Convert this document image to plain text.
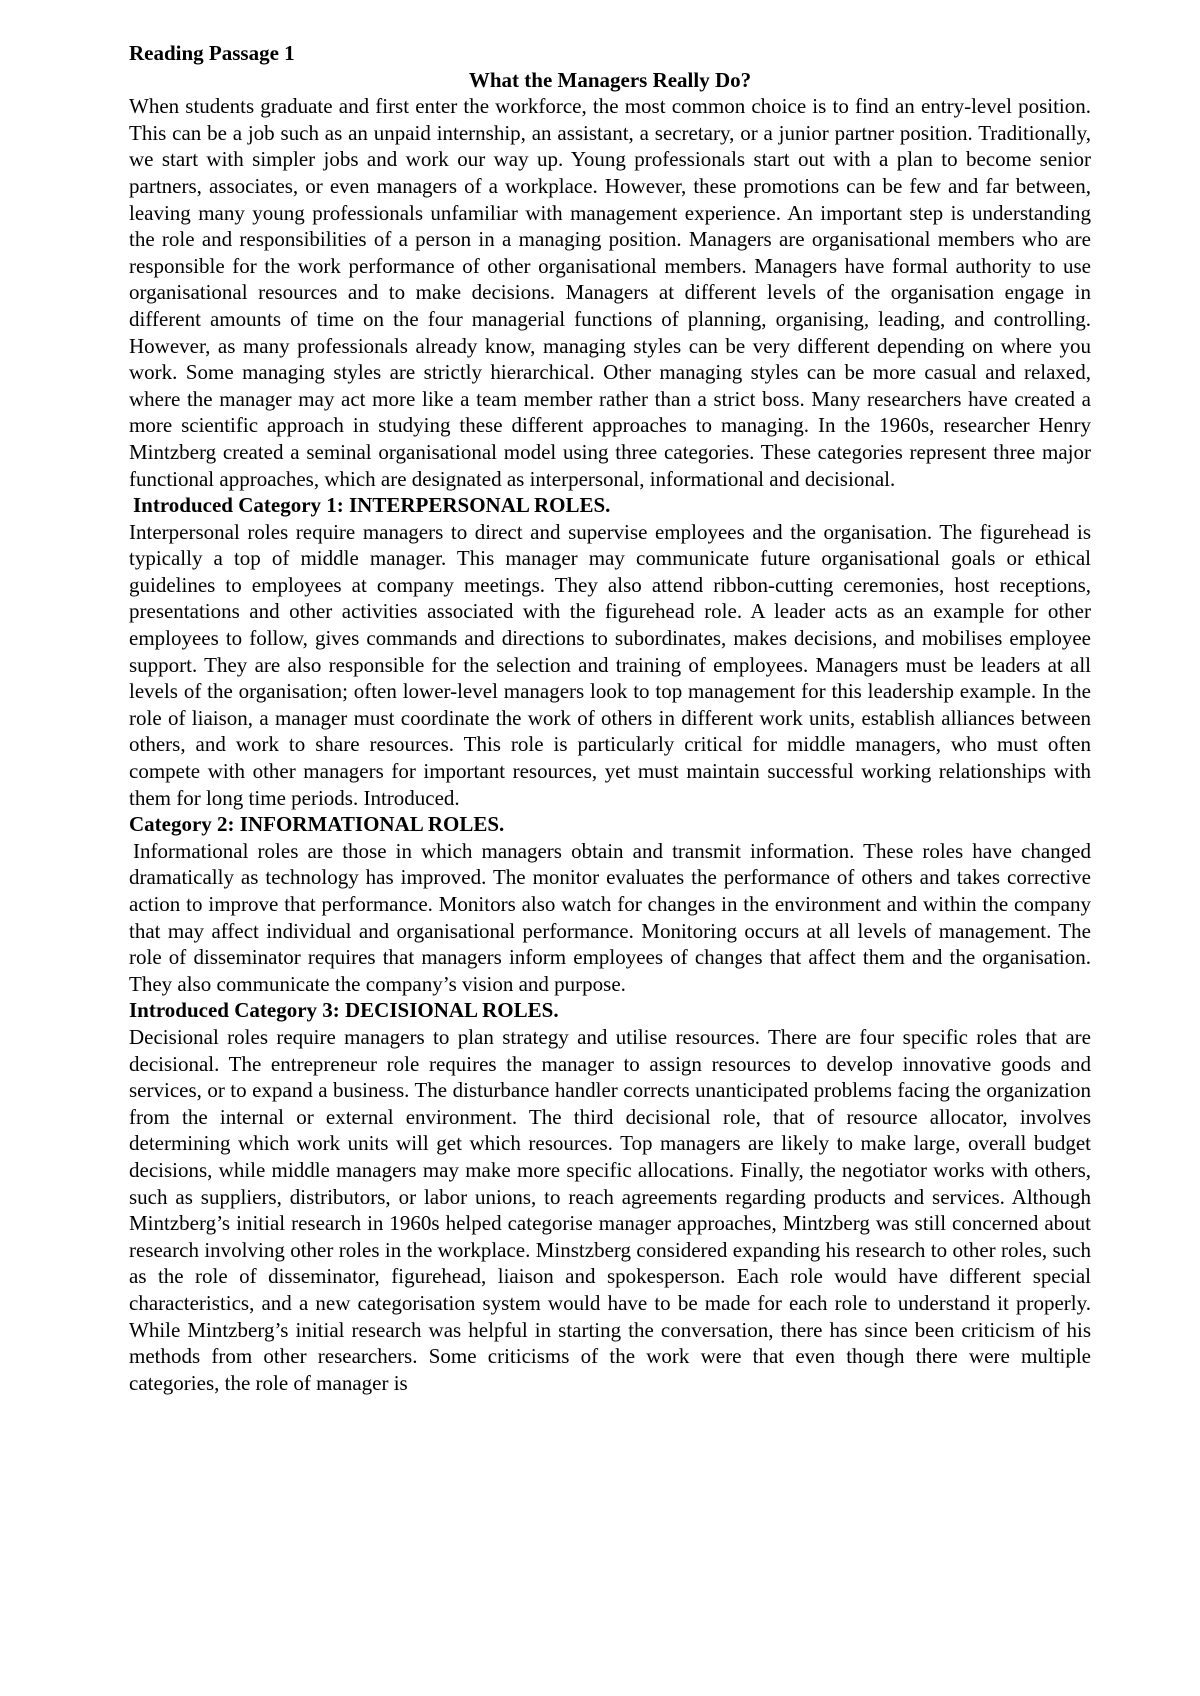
Reading Passage 1

What the Managers Really Do?

When students graduate and first enter the workforce, the most common choice is to find an entry-level position. This can be a job such as an unpaid internship, an assistant, a secretary, or a junior partner position. Traditionally, we start with simpler jobs and work our way up. Young professionals start out with a plan to become senior partners, associates, or even managers of a workplace. However, these promotions can be few and far between, leaving many young professionals unfamiliar with management experience. An important step is understanding the role and responsibilities of a person in a managing position. Managers are organisational members who are responsible for the work performance of other organisational members. Managers have formal authority to use organisational resources and to make decisions. Managers at different levels of the organisation engage in different amounts of time on the four managerial functions of planning, organising, leading, and controlling. However, as many professionals already know, managing styles can be very different depending on where you work. Some managing styles are strictly hierarchical. Other managing styles can be more casual and relaxed, where the manager may act more like a team member rather than a strict boss. Many researchers have created a more scientific approach in studying these different approaches to managing. In the 1960s, researcher Henry Mintzberg created a seminal organisational model using three categories. These categories represent three major functional approaches, which are designated as interpersonal, informational and decisional.

Introduced Category 1: INTERPERSONAL ROLES.

Interpersonal roles require managers to direct and supervise employees and the organisation. The figurehead is typically a top of middle manager. This manager may communicate future organisational goals or ethical guidelines to employees at company meetings. They also attend ribbon-cutting ceremonies, host receptions, presentations and other activities associated with the figurehead role. A leader acts as an example for other employees to follow, gives commands and directions to subordinates, makes decisions, and mobilises employee support. They are also responsible for the selection and training of employees. Managers must be leaders at all levels of the organisation; often lower-level managers look to top management for this leadership example. In the role of liaison, a manager must coordinate the work of others in different work units, establish alliances between others, and work to share resources. This role is particularly critical for middle managers, who must often compete with other managers for important resources, yet must maintain successful working relationships with them for long time periods. Introduced.

Category 2: INFORMATIONAL ROLES.

Informational roles are those in which managers obtain and transmit information. These roles have changed dramatically as technology has improved. The monitor evaluates the performance of others and takes corrective action to improve that performance. Monitors also watch for changes in the environment and within the company that may affect individual and organisational performance. Monitoring occurs at all levels of management. The role of disseminator requires that managers inform employees of changes that affect them and the organisation. They also communicate the company’s vision and purpose.

Introduced Category 3: DECISIONAL ROLES.

Decisional roles require managers to plan strategy and utilise resources. There are four specific roles that are decisional. The entrepreneur role requires the manager to assign resources to develop innovative goods and services, or to expand a business. The disturbance handler corrects unanticipated problems facing the organization from the internal or external environment. The third decisional role, that of resource allocator, involves determining which work units will get which resources. Top managers are likely to make large, overall budget decisions, while middle managers may make more specific allocations. Finally, the negotiator works with others, such as suppliers, distributors, or labor unions, to reach agreements regarding products and services. Although Mintzberg’s initial research in 1960s helped categorise manager approaches, Mintzberg was still concerned about research involving other roles in the workplace. Minstzberg considered expanding his research to other roles, such as the role of disseminator, figurehead, liaison and spokesperson. Each role would have different special characteristics, and a new categorisation system would have to be made for each role to understand it properly. While Mintzberg’s initial research was helpful in starting the conversation, there has since been criticism of his methods from other researchers. Some criticisms of the work were that even though there were multiple categories, the role of manager is
